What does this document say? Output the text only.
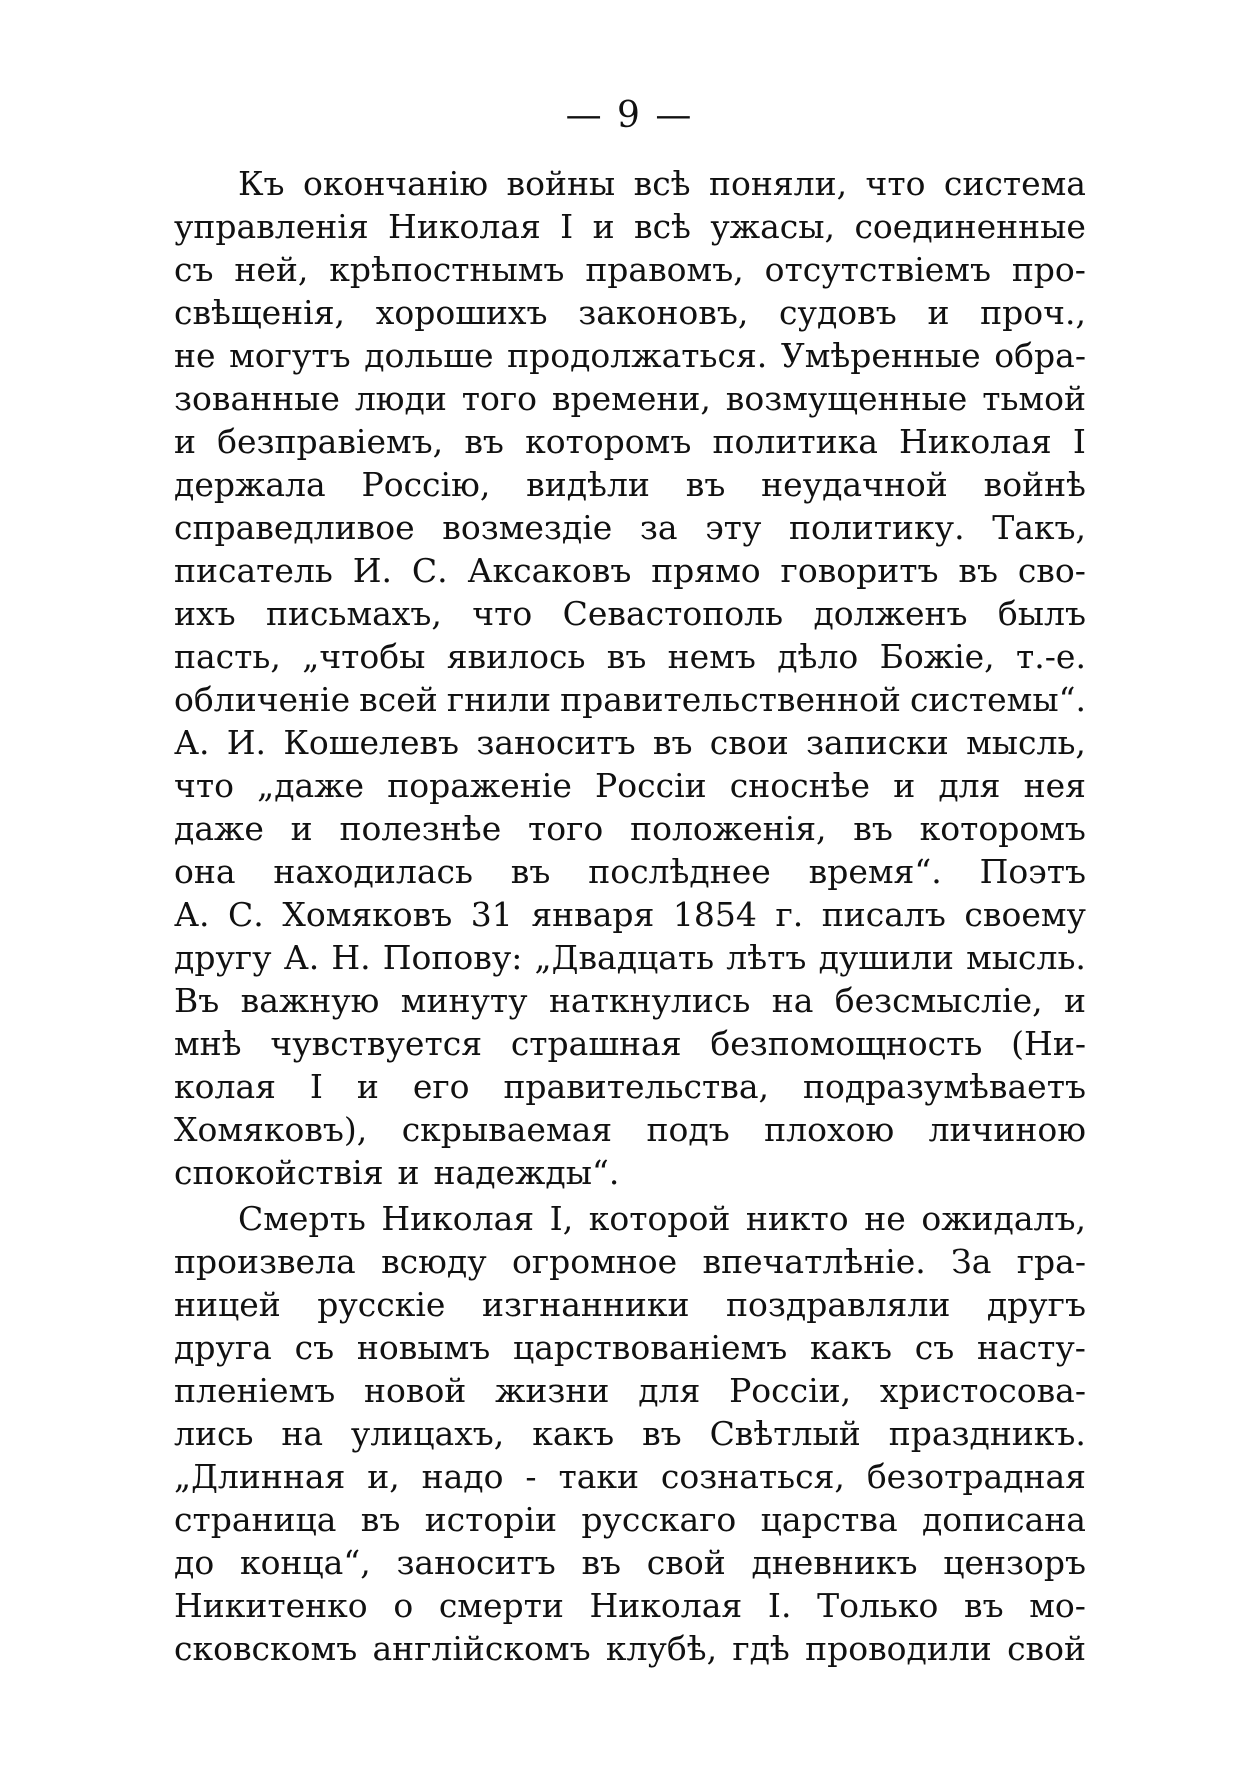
— 9 —
Къ окончанію войны всѣ поняли, что система
управленія Николая I и всѣ ужасы, соединенные
съ ней, крѣпостнымъ правомъ, отсутствіемъ про-
свѣщенія, хорошихъ законовъ, судовъ и проч.,
не могутъ дольше продолжаться. Умѣренные обра-
зованные люди того времени, возмущенные тьмой
и безправіемъ, въ которомъ политика Николая I
держала Россію, видѣли въ неудачной войнѣ
справедливое возмездіе за эту политику. Такъ,
писатель И. С. Аксаковъ прямо говоритъ въ сво-
ихъ письмахъ, что Севастополь долженъ былъ
пасть, „чтобы явилось въ немъ дѣло Божіе, т.-е.
обличеніе всей гнили правительственной системы“.
А. И. Кошелевъ заноситъ въ свои записки мысль,
что „даже пораженіе Россіи сноснѣе и для нея
даже и полезнѣе того положенія, въ которомъ
она находилась въ послѣднее время“. Поэтъ
А. С. Хомяковъ 31 января 1854 г. писалъ своему
другу А. Н. Попову: „Двадцать лѣтъ душили мысль.
Въ важную минуту наткнулись на безсмысліе, и
мнѣ чувствуется страшная безпомощность (Ни-
колая I и его правительства, подразумѣваетъ
Хомяковъ), скрываемая подъ плохою личиною
спокойствія и надежды“.
Смерть Николая I, которой никто не ожидалъ,
произвела всюду огромное впечатлѣніе. За гра-
ницей русскіе изгнанники поздравляли другъ
друга съ новымъ царствованіемъ какъ съ насту-
пленіемъ новой жизни для Россіи, христосова-
лись на улицахъ, какъ въ Свѣтлый праздникъ.
„Длинная и, надо - таки сознаться, безотрадная
страница въ исторіи русскаго царства дописана
до конца“, заноситъ въ свой дневникъ цензоръ
Никитенко о смерти Николая I. Только въ мо-
сковскомъ англійскомъ клубѣ, гдѣ проводили свой
